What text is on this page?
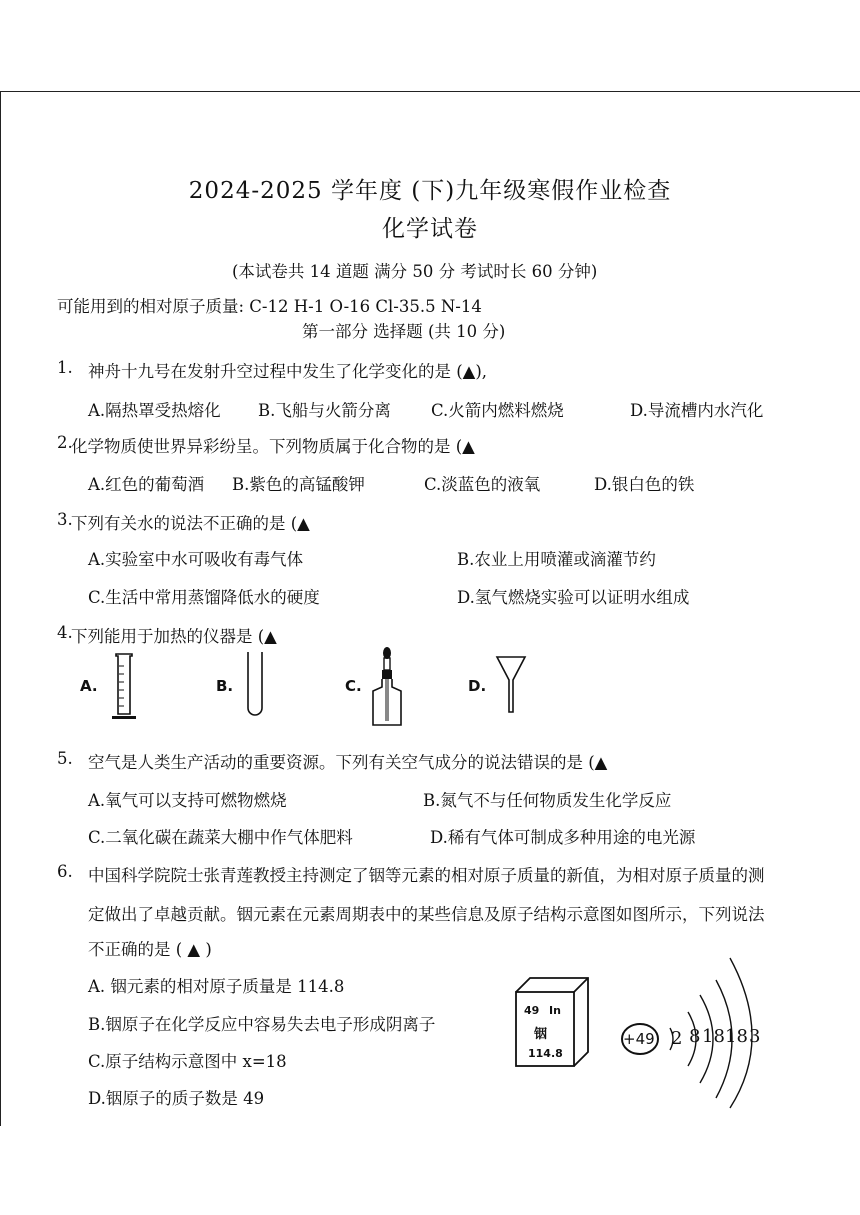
2024-2025 学年度 (下)九年级寒假作业检查
化学试卷
(本试卷共 14 道题 满分 50 分 考试时长 60 分钟)
可能用到的相对原子质量: C-12 H-1 O-16 Cl-35.5 N-14
第一部分 选择题 (共 10 分)
1. 神舟十九号在发射升空过程中发生了化学变化的是 (▲),
A.隔热罩受热熔化 B.飞船与火箭分离 C.火箭内燃料燃烧	D.导流槽内水汽化
2.
化学物质使世界异彩纷呈。下列物质属于化合物的是 (▲
A.红色的葡萄酒 B.紫色的高锰酸钾	C.淡蓝色的液氧	D.银白色的铁
3.
下列有关水的说法不正确的是 (▲
A.实验室中水可吸收有毒气体	B.农业上用喷灌或滴灌节约
C.生活中常用蒸馏降低水的硬度	D.氢气燃烧实验可以证明水组成
4.
下列能用于加热的仪器是 (▲
A.	B.	C.	D.
5. 空气是人类生产活动的重要资源。下列有关空气成分的说法错误的是 (▲
A.氧气可以支持可燃物燃烧	B.氮气不与任何物质发生化学反应
C.二氧化碳在蔬菜大棚中作气体肥料	D.稀有气体可制成多种用途的电光源
6. 中国科学院院士张青莲教授主持测定了铟等元素的相对原子质量的新值，为相对原子质量的测
定做出了卓越贡献。铟元素在元素周期表中的某些信息及原子结构示意图如图所示，下列说法
不正确的是 ( ▲ )
A. 铟元素的相对原子质量是 114.8
B.铟原子在化学反应中容易失去电子形成阴离子
C.原子结构示意图中 x=18
D.铟原子的质子数是 49
49 In
铟
114.8
+49 2 8 18 18 3
